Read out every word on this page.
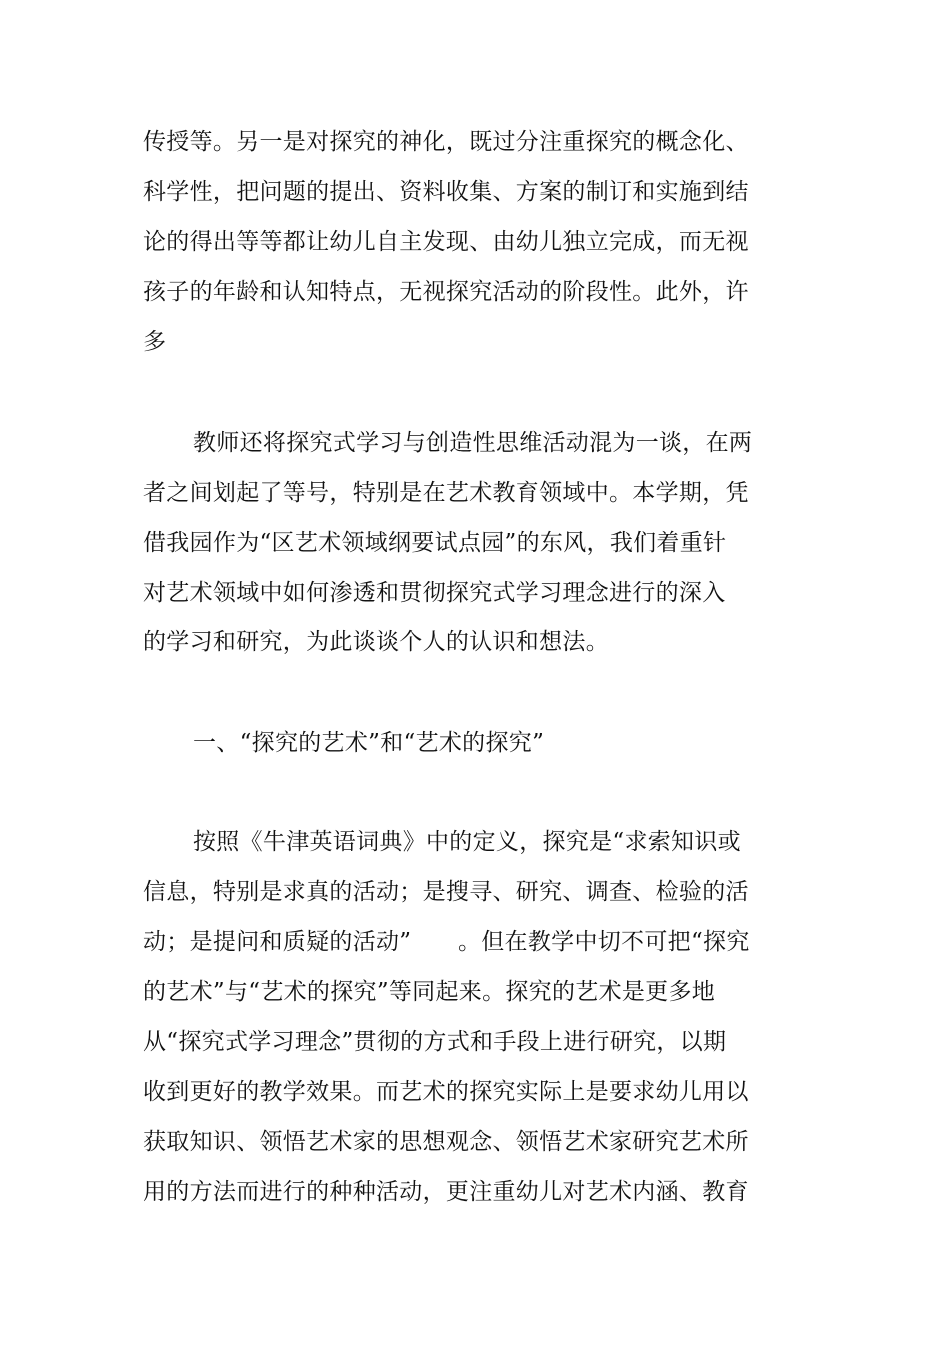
传授等。另一是对探究的神化，既过分注重探究的概念化、
科学性，把问题的提出、资料收集、方案的制订和实施到结
论的得出等等都让幼儿自主发现、由幼儿独立完成，而无视
孩子的年龄和认知特点，无视探究活动的阶段性。此外，许
多
教师还将探究式学习与创造性思维活动混为一谈，在两
者之间划起了等号，特别是在艺术教育领域中。本学期，凭
借我园作为“区艺术领域纲要试点园”的东风，我们着重针
对艺术领域中如何渗透和贯彻探究式学习理念进行的深入
的学习和研究，为此谈谈个人的认识和想法。
一、“探究的艺术”和“艺术的探究”
按照《牛津英语词典》中的定义，探究是“求索知识或
信息，特别是求真的活动；是搜寻、研究、调查、检验的活
动；是提问和质疑的活动”　　。但在教学中切不可把“探究
的艺术”与“艺术的探究”等同起来。探究的艺术是更多地
从“探究式学习理念”贯彻的方式和手段上进行研究，以期
收到更好的教学效果。而艺术的探究实际上是要求幼儿用以
获取知识、领悟艺术家的思想观念、领悟艺术家研究艺术所
用的方法而进行的种种活动，更注重幼儿对艺术内涵、教育
